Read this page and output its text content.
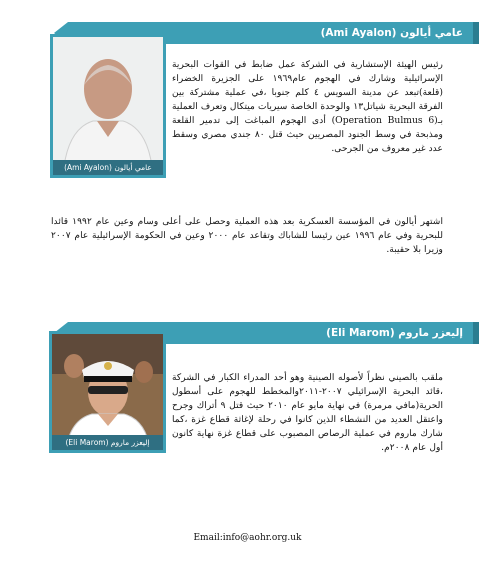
عامي أيالون (Ami Ayalon)
عامي أيالون (Ami Ayalon)
رئيس الهيئة الإستشارية في الشركة عمل ضابط في القوات البحرية الإسرائيلية وشارك في الهجوم عام١٩٦٩ على الجزيرة الخضراء (قلعة)تبعد عن مدينة السويس ٤ كلم جنوبا ،في عملية مشتركة بين الفرقة البحرية شياتل١٣ والوحدة الخاصة سيريات ميتكال وتعرف العملية بـ(Operation Bulmus 6) أدى الهجوم المباغت إلى تدمير القلعة ومذبحة في وسط الجنود المصريين حيث قتل ٨٠ جندي مصري وسقط عدد غير معروف من الجرحى.
اشتهر أيالون في المؤسسة العسكرية بعد هذه العملية وحصل على أعلى وسام وعين عام ١٩٩٢ قائدا للبحرية وفي عام ١٩٩٦ عين رئيسا للشاباك وتقاعد عام ٢٠٠٠ وعين في الحكومة الإسرائيلية عام ٢٠٠٧ وزيرا بلا حقيبة.
إليعزر ماروم (Eli Marom)
إليعزر ماروم (Eli Marom)
ملقب بالصيني نظراً لأصوله الصينية وهو أحد المدراء الكبار في الشركة ،قائد البحرية الإسرائيلي ٢٠٠٧-٢٠١١والمخطط للهجوم على أسطول الحرية(مافي مرمرة) في نهاية مايو عام ٢٠١٠ حيث قتل ٩ أتراك وجرح واعتقل العديد من النشطاء الذين كانوا في رحلة لإغاثة قطاع غزة ،كما شارك ماروم في عملية الرصاص المصبوب على قطاع غزة نهاية كانون أول عام ٢٠٠٨م.
Email:info@aohr.org.uk
